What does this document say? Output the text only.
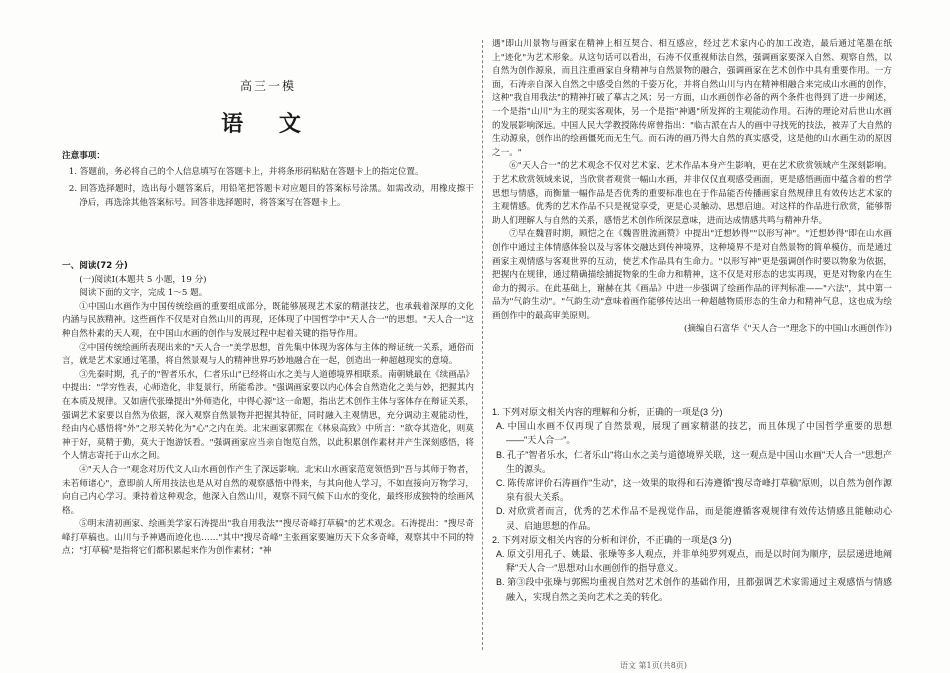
高三一模
语 文

注意事项：

1. 答题前，务必将自己的个人信息填写在答题卡上，并将条形码粘贴在答题卡上的指定位置。

2. 回答选择题时，选出每小题答案后，用铅笔把答题卡对应题目的答案标号涂黑。如需改动，用橡皮擦干净后，再选涂其他答案标号。回答非选择题时，将答案写在答题卡上。

一、阅读(72 分)

(一)阅读Ⅰ(本题共 5 小题，19 分)

阅读下面的文字，完成 1～5 题。

①中国山水画作为中国传统绘画的重要组成部分，既能够展现艺术家的精湛技艺，也承载着深厚的文化内涵与民族精神。这些画作不仅是对自然山川的再现，还体现了中国哲学中"天人合一"的思想。"天人合一"这种自然朴素的天人观，在中国山水画的创作与发展过程中起着关键的指导作用。

②中国传统绘画所表现出来的"天人合一"美学思想，首先集中体现为客体与主体的辩证统一关系，通俗而言，就是艺术家通过笔墨，将自然景观与人的精神世界巧妙地融合在一起，创造出一种超越现实的意境。

③先秦时期，孔子的"智者乐水，仁者乐山"已经将山水之美与人道德境界相联系。南朝姚最在《续画品》中提出："学穷性表，心师造化，非复景行，所能希涉。"强调画家要以内心体会自然造化之美与妙，把握其内在本质及规律。又如唐代张璪提出"外师造化，中得心源"这一命题，指出艺术创作主体与客体存在辩证关系，强调艺术家要以自然为依据，深入观察自然景物并把握其特征，同时融入主观情思，充分调动主观能动性，经由内心感悟将"外"之形关转化为"心"之内在美。北宋画家郭熙在《林泉高致》中所言："欲夺其造化，则莫神于好，莫精于勤，莫大于饱游饫看。"强调画家应当亲自饱览自然，以此积累创作素材并产生深刻感悟，将个人情志寄托于山水之间。

④"天人合一"观念对历代文人山水画创作产生了深远影响。北宋山水画家范宽领悟到"吾与其师于物者，未若师诸心"，意即前人所用技法也是从对自然的观察感悟中得来，与其向他人学习，不如直接向万物学习，向自己内心学习。秉持着这种观念，他深入自然山川，观察不同气候下山水的变化，最终形成独特的绘画风格。

⑤明末清初画家、绘画美学家石涛提出"我自用我法""搜尽奇峰打草稿"的艺术观念。石涛提出："搜尽奇峰打草稿也。山川与予神遇而迹化也……"其中"搜尽奇峰"主张画家要遍历天下众多奇峰，观察其中不同的特点；"打草稿"是指将它们都积累起来作为创作素材；"神

遇"即山川景物与画家在精神上相互契合、相互感应，经过艺术家内心的加工改造，最后通过笔墨在纸上"迹化"为艺术形象。从这句话可以看出，石涛不仅重视师法自然，强调画家要深入自然、观察自然，以自然为创作源泉，而且注重画家自身精神与自然景物的融合，强调画家在艺术创作中具有重要作用。一方面，石涛亲自深入自然之中感受自然的千姿万化，并将自然山川与内在精神相融合来完成山水画的创作，这种"我自用我法"的精神打破了摹古之风；另一方面，山水画创作必备的两个条件也得到了进一步阐述，一个是指"山川"为主的现实客观体，另一个是指"神遇"所发挥的主观能动作用。石涛的理论对后世山水画的发展影响深远。中国人民大学教授陈传席曾指出："临古派在古人的画中寻找死的技法，被弄了大自然的生动源泉，创作出的绘画僵死而无生气。而石涛的画乃得大自然的真实感受，这是他的山水画生动的原因之一。"

⑥"天人合一"的艺术观念不仅对艺术家、艺术作品本身产生影响，更在艺术欣赏领域产生深刻影响。于艺术欣赏领域来说，当欣赏者观赏一幅山水画，并非仅仅直观感受画面，更是感悟画面中蕴含着的哲学思想与情感，而衡量一幅作品是否优秀的重要标准也在于作品能否传播画家自然规律且有效传达艺术家的主观情感。优秀的艺术作品不只是视觉享受，更是心灵触动、思想启迪。对这样的作品进行欣赏，能够帮助人们理解人与自然的关系，感悟艺术创作所深层意味，进而达成情感共鸣与精神升华。

⑦早在魏晋时期，顾恺之在《魏晋胜流画赞》中提出"迁想妙得""以形写神"。"迁想妙得"即在山水画创作中通过主体情感体验以及与客体交融达到传神境界，这种境界不是对自然景物的简单模仿，而是通过画家主观情感与客观世界的互动，使艺术作品具有生命力。"以形写神"更是强调创作时要以物象为依据，把握内在规律，通过精确描绘捕捉物象的生命力和精神，这不仅是对形态的忠实再现，更是对物象内在生命力的揭示。在此基础上，谢赫在其《画品》中进一步强调了绘画作品的评判标准——"六法"，其中第一品为"气韵生动"。"气韵生动"意味着画作能够传达出一种超越物质形态的生命力和精神气息，这也成为绘画创作中的最高审美原则。

(摘编自石富华《"天人合一"理念下的中国山水画创作》)

1. 下列对原文相关内容的理解和分析，正确的一项是(3 分)

A. 中国山水画不仅再现了自然景观，展现了画家精湛的技艺，而且体现了中国哲学重要的思想——"天人合一"。

B. 孔子"智者乐水，仁者乐山"将山水之美与道德境界关联，这一观点是中国山水画"天人合一"思想产生的源头。

C. 陈传席评价石涛画作"生动"，这一效果的取得和石涛遵循"搜尽奇峰打草稿"原则，以自然为创作源泉有很大关系。

D. 对欣赏者而言，优秀的艺术作品不是视觉作品，而是能遵循客观规律有效传达情感且能触动心灵、启迪思想的作品。

2. 下列对原文相关内容的分析和评价，不正确的一项是(3 分)

A. 原文引用孔子、姚最、张璪等多人观点，并非单纯罗列观点，而是以时间为顺序，层层递进地阐释"天人合一"思想对山水画创作的指导意义。

B. 第③段中张璪与郭熙均重视自然对艺术创作的基础作用，且都强调艺术家需通过主观感悟与情感融入，实现自然之美向艺术之美的转化。

语文 第1页(共8页)
